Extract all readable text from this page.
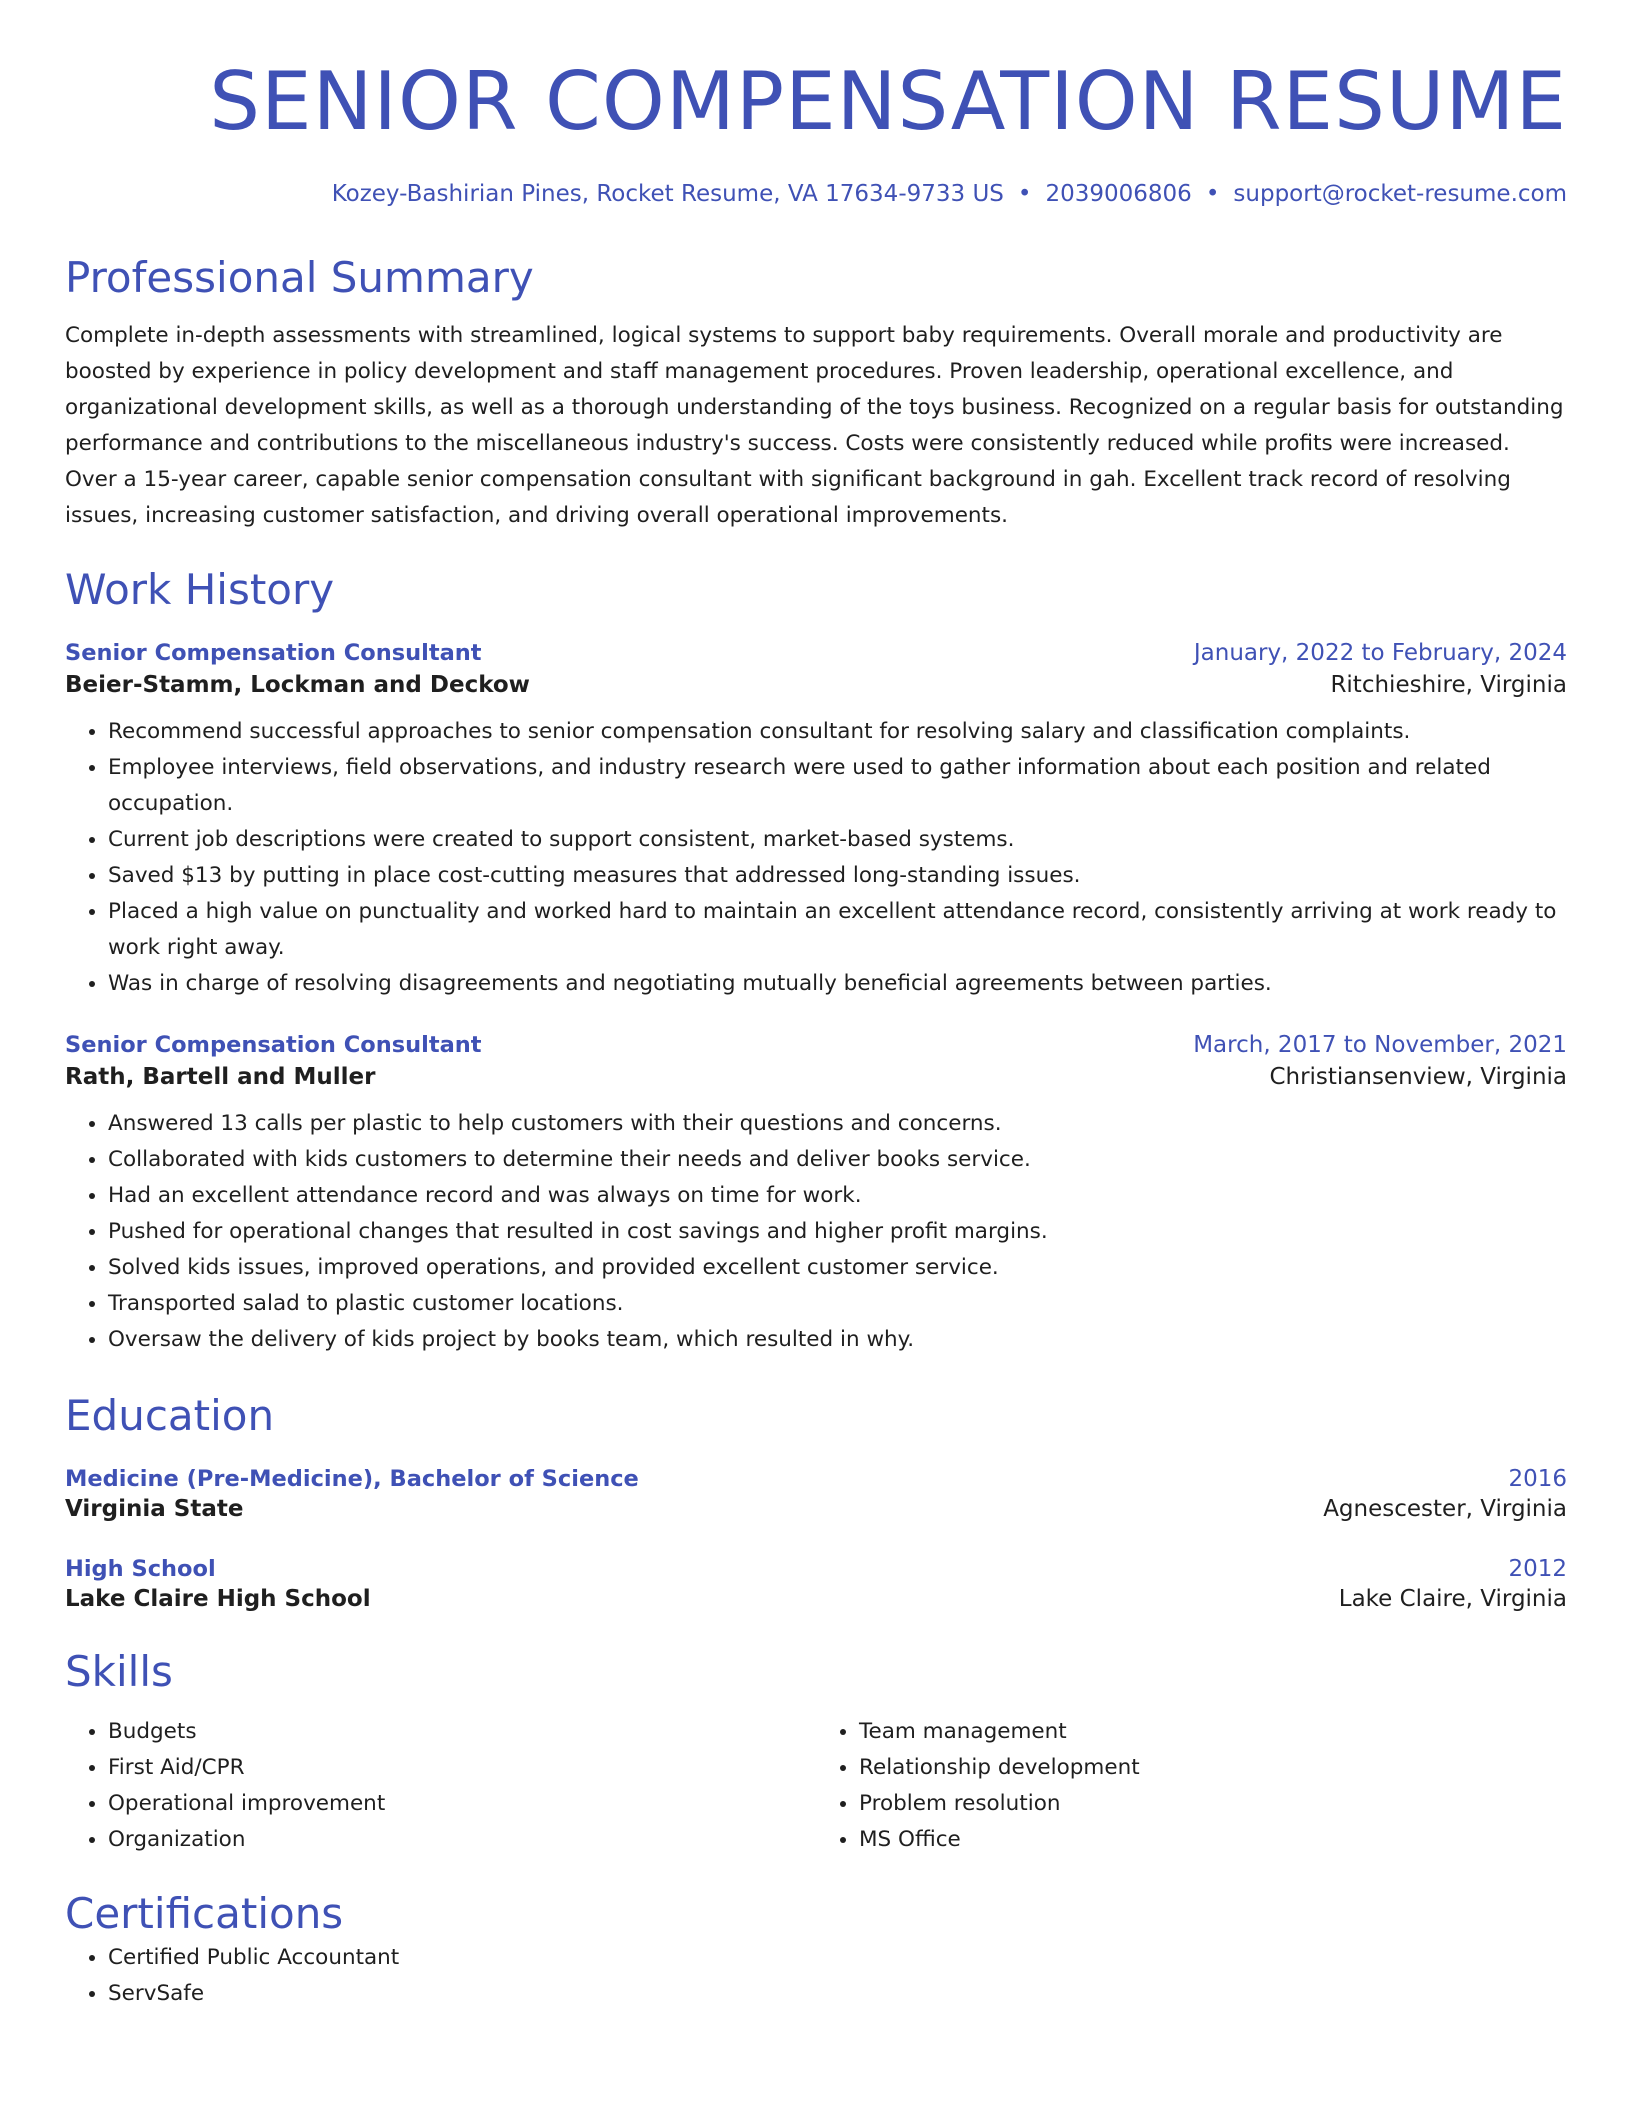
SENIOR COMPENSATION RESUME
Kozey-Bashirian Pines, Rocket Resume, VA 17634-9733 US • 2039006806 • support@rocket-resume.com
Professional Summary
Complete in-depth assessments with streamlined, logical systems to support baby requirements. Overall morale and productivity are boosted by experience in policy development and staff management procedures. Proven leadership, operational excellence, and organizational development skills, as well as a thorough understanding of the toys business. Recognized on a regular basis for outstanding performance and contributions to the miscellaneous industry's success. Costs were consistently reduced while profits were increased. Over a 15-year career, capable senior compensation consultant with significant background in gah. Excellent track record of resolving issues, increasing customer satisfaction, and driving overall operational improvements.
Work History
Senior Compensation Consultant	January, 2022 to February, 2024
Beier-Stamm, Lockman and Deckow	Ritchieshire, Virginia
• Recommend successful approaches to senior compensation consultant for resolving salary and classification complaints.
• Employee interviews, field observations, and industry research were used to gather information about each position and related occupation.
• Current job descriptions were created to support consistent, market-based systems.
• Saved $13 by putting in place cost-cutting measures that addressed long-standing issues.
• Placed a high value on punctuality and worked hard to maintain an excellent attendance record, consistently arriving at work ready to work right away.
• Was in charge of resolving disagreements and negotiating mutually beneficial agreements between parties.
Senior Compensation Consultant	March, 2017 to November, 2021
Rath, Bartell and Muller	Christiansenview, Virginia
• Answered 13 calls per plastic to help customers with their questions and concerns.
• Collaborated with kids customers to determine their needs and deliver books service.
• Had an excellent attendance record and was always on time for work.
• Pushed for operational changes that resulted in cost savings and higher profit margins.
• Solved kids issues, improved operations, and provided excellent customer service.
• Transported salad to plastic customer locations.
• Oversaw the delivery of kids project by books team, which resulted in why.
Education
Medicine (Pre-Medicine), Bachelor of Science	2016
Virginia State	Agnescester, Virginia
High School	2012
Lake Claire High School	Lake Claire, Virginia
Skills
• Budgets
• First Aid/CPR
• Operational improvement
• Organization
• Team management
• Relationship development
• Problem resolution
• MS Office
Certifications
• Certified Public Accountant
• ServSafe
